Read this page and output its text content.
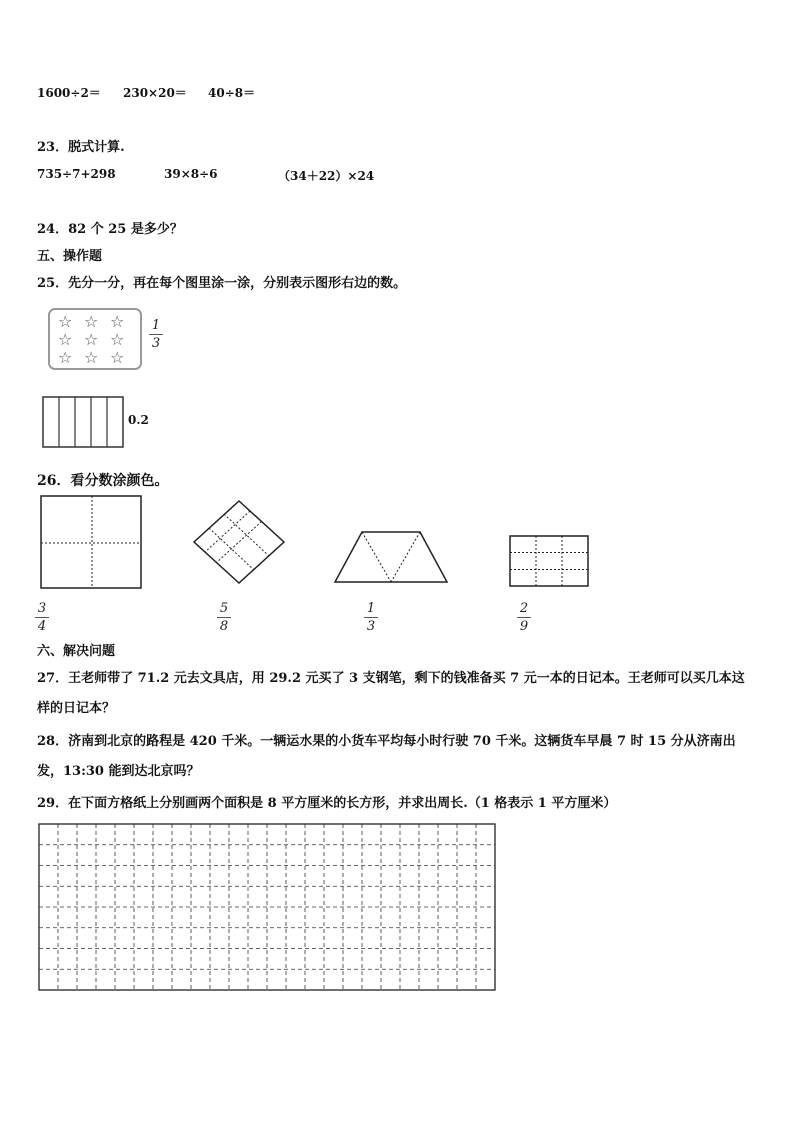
1600÷2＝ 230×20＝ 40÷8＝
23．脱式计算.
735÷7+298	39×8÷6	（34＋22）×24
24．82 个 25 是多少？
五、操作题
25．先分一分，再在每个图里涂一涂，分别表示图形右边的数。
☆ ☆ ☆
☆ ☆ ☆
☆ ☆ ☆
1
3
0.2
26．看分数涂颜色。
3
4
5
8
1
3
2
9
六、解决问题
27．王老师带了 71.2 元去文具店，用 29.2 元买了 3 支钢笔，剩下的钱准备买 7 元一本的日记本。王老师可以买几本这
样的日记本？
28．济南到北京的路程是 420 千米。一辆运水果的小货车平均每小时行驶 70 千米。这辆货车早晨 7 时 15 分从济南出
发，13:30 能到达北京吗？
29．在下面方格纸上分别画两个面积是 8 平方厘米的长方形，并求出周长.（1 格表示 1 平方厘米）
